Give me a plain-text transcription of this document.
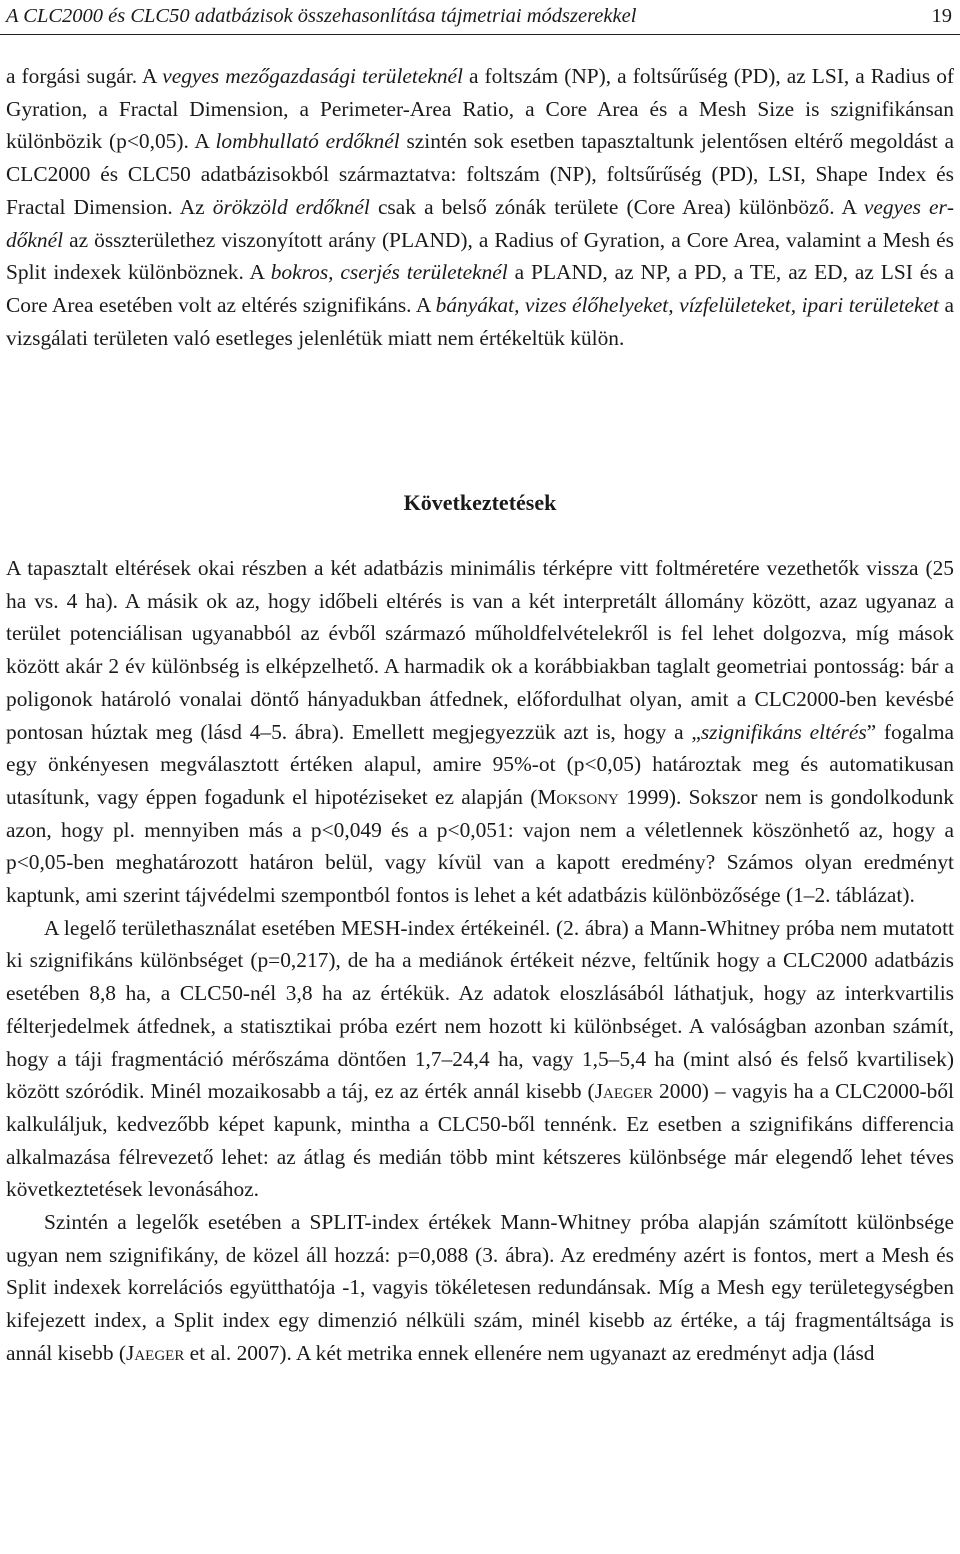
A CLC2000 és CLC50 adatbázisok összehasonlítása tájmetriai módszerekkel	19

a forgási sugár. A vegyes mezőgazdasági területeknél a foltszám (NP), a foltsűrűség (PD), az LSI, a Radius of Gyration, a Fractal Dimension, a Perimeter-Area Ratio, a Core Area és a Mesh Size is szignifikánsan különbözik (p<0,05). A lombhullató erdőknél szintén sok esetben tapasztaltunk jelentősen eltérő megoldást a CLC2000 és CLC50 adatbázisokból származtatva: foltszám (NP), foltsűrűség (PD), LSI, Shape Index és Fractal Dimension. Az örökzöld erdőknél csak a belső zónák területe (Core Area) különböző. A vegyes erdőknél az összterülethez viszonyított arány (PLAND), a Radius of Gyration, a Core Area, valamint a Mesh és Split indexek különböznek. A bokros, cserjés területeknél a PLAND, az NP, a PD, a TE, az ED, az LSI és a Core Area esetében volt az eltérés szignifikáns. A bányákat, vizes élőhelyeket, vízfelületeket, ipari területeket a vizsgálati területen való esetleges jelenlétük miatt nem értékeltük külön.

Következtetések

A tapasztalt eltérések okai részben a két adatbázis minimális térképre vitt foltméretére vezethetők vissza (25 ha vs. 4 ha). A másik ok az, hogy időbeli eltérés is van a két interpretált állomány között, azaz ugyanaz a terület potenciálisan ugyanabból az évből származó műholdfelvételekről is fel lehet dolgozva, míg mások között akár 2 év különbség is elképzelhető. A harmadik ok a korábbiakban taglalt geometriai pontosság: bár a poligonok határoló vonalai döntő hányadukban átfednek, előfordulhat olyan, amit a CLC2000-ben kevésbé pontosan húztak meg (lásd 4–5. ábra). Emellett megjegyezzük azt is, hogy a „szignifikáns eltérés” fogalma egy önkényesen megválasztott értéken alapul, amire 95%-ot (p<0,05) határoztak meg és automatikusan utasítunk, vagy éppen fogadunk el hipotéziseket ez alapján (Moksony 1999). Sokszor nem is gondolkodunk azon, hogy pl. mennyiben más a p<0,049 és a p<0,051: vajon nem a véletlennek köszönhető az, hogy a p<0,05-ben meghatározott határon belül, vagy kívül van a kapott eredmény? Számos olyan eredményt kaptunk, ami szerint tájvédelmi szempontból fontos is lehet a két adatbázis különbözősége (1–2. táblázat).

A legelő területhasználat esetében MESH-index értékeinél. (2. ábra) a Mann-Whitney próba nem mutatott ki szignifikáns különbséget (p=0,217), de ha a mediánok értékeit nézve, feltűnik hogy a CLC2000 adatbázis esetében 8,8 ha, a CLC50-nél 3,8 ha az értékük. Az adatok eloszlásából láthatjuk, hogy az interkvartilis félterjedelmek átfednek, a statisztikai próba ezért nem hozott ki különbséget. A valóságban azonban számít, hogy a táji fragmentáció mérőszáma döntően 1,7–24,4 ha, vagy 1,5–5,4 ha (mint alsó és felső kvartilisek) között szóródik. Minél mozaikosabb a táj, ez az érték annál kisebb (Jaeger 2000) – vagyis ha a CLC2000-ből kalkuláljuk, kedvezőbb képet kapunk, mintha a CLC50-ből tennénk. Ez esetben a szignifikáns differencia alkalmazása félrevezető lehet: az átlag és medián több mint kétszeres különbsége már elegendő lehet téves következtetések levonásához.

Szintén a legelők esetében a SPLIT-index értékek Mann-Whitney próba alapján számított különbsége ugyan nem szignifikány, de közel áll hozzá: p=0,088 (3. ábra). Az eredmény azért is fontos, mert a Mesh és Split indexek korrelációs együtthatója -1, vagyis tökéletesen redundánsak. Míg a Mesh egy területegységben kifejezett index, a Split index egy dimenzió nélküli szám, minél kisebb az értéke, a táj fragmentáltsága is annál kisebb (Jaeger et al. 2007). A két metrika ennek ellenére nem ugyanazt az eredményt adja (lásd
